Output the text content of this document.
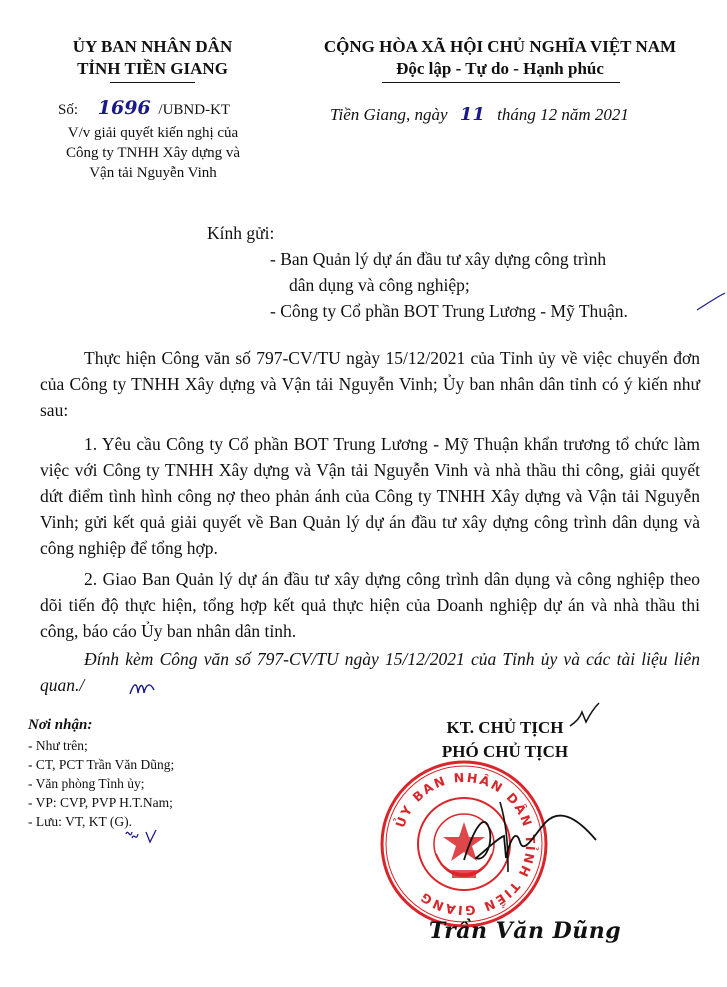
ỦY BAN NHÂN DÂN
TỈNH TIỀN GIANG
Số: 1696 /UBND-KT
V/v giải quyết kiến nghị của
Công ty TNHH Xây dựng và
Vận tải Nguyễn Vinh
CỘNG HÒA XÃ HỘI CHỦ NGHĨA VIỆT NAM
Độc lập - Tự do - Hạnh phúc
Tiền Giang, ngày 11 tháng 12 năm 2021
Kính gửi:
- Ban Quản lý dự án đầu tư xây dựng công trình
dân dụng và công nghiệp;
- Công ty Cổ phần BOT Trung Lương - Mỹ Thuận.
Thực hiện Công văn số 797-CV/TU ngày 15/12/2021 của Tỉnh ủy về việc chuyển đơn của Công ty TNHH Xây dựng và Vận tải Nguyễn Vinh; Ủy ban nhân dân tỉnh có ý kiến như sau:
1. Yêu cầu Công ty Cổ phần BOT Trung Lương - Mỹ Thuận khẩn trương tổ chức làm việc với Công ty TNHH Xây dựng và Vận tải Nguyễn Vinh và nhà thầu thi công, giải quyết dứt điểm tình hình công nợ theo phản ánh của Công ty TNHH Xây dựng và Vận tải Nguyễn Vinh; gửi kết quả giải quyết về Ban Quản lý dự án đầu tư xây dựng công trình dân dụng và công nghiệp để tổng hợp.
2. Giao Ban Quản lý dự án đầu tư xây dựng công trình dân dụng và công nghiệp theo dõi tiến độ thực hiện, tổng hợp kết quả thực hiện của Doanh nghiệp dự án và nhà thầu thi công, báo cáo Ủy ban nhân dân tỉnh.
Đính kèm Công văn số 797-CV/TU ngày 15/12/2021 của Tỉnh ủy và các tài liệu liên quan./
Nơi nhận:
- Như trên;
- CT, PCT Trần Văn Dũng;
- Văn phòng Tỉnh ủy;
- VP: CVP, PVP H.T.Nam;
- Lưu: VT, KT (G).
KT. CHỦ TỊCH
PHÓ CHỦ TỊCH
ỦY BAN NHÂN DÂN TỈNH TIỀN GIANG
Trần Văn Dũng
